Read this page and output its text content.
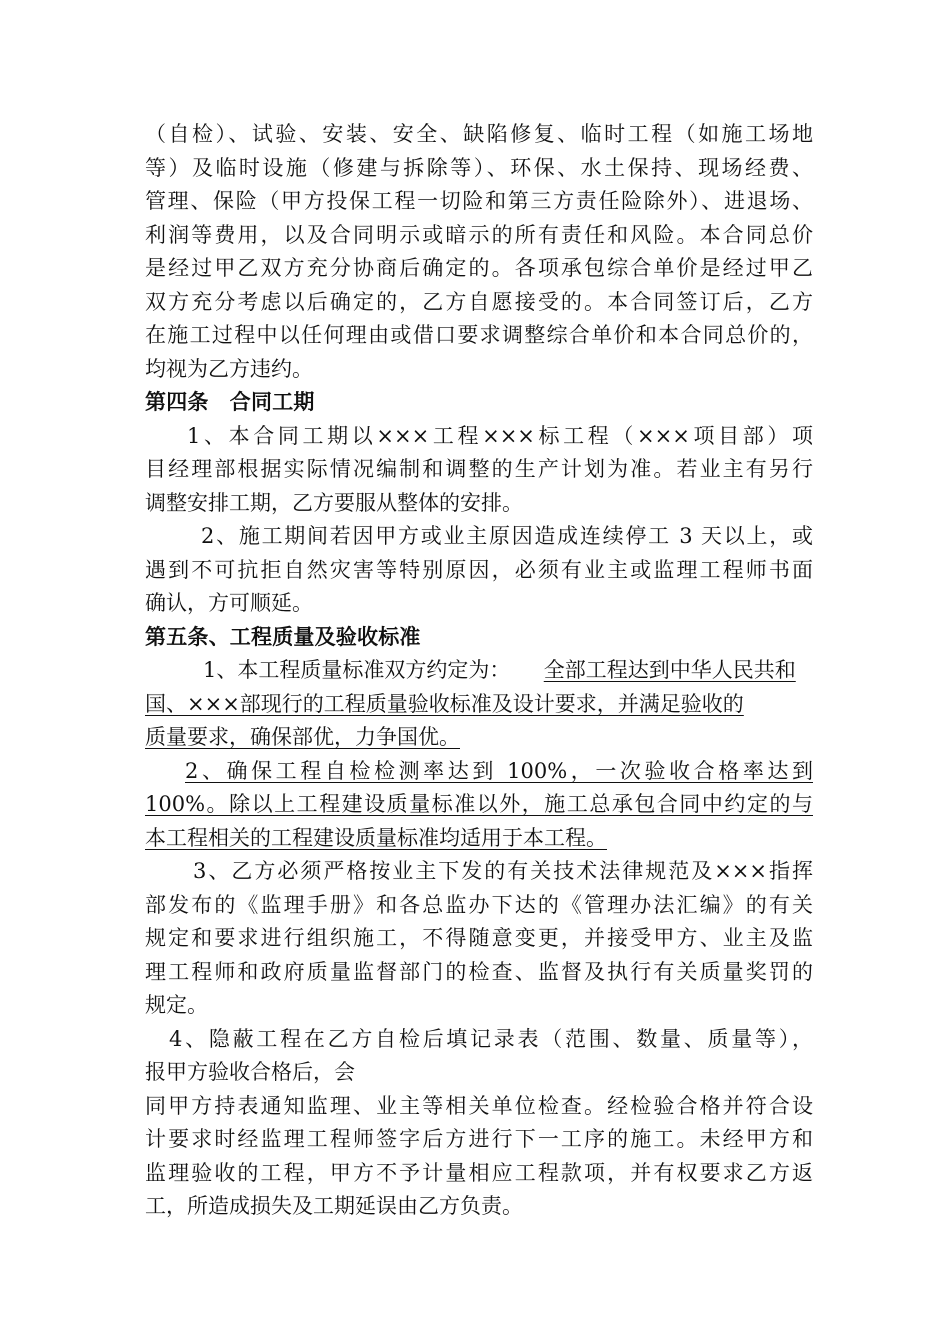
（自检）、试验、安装、安全、缺陷修复、临时工程（如施工场地
等）及临时设施（修建与拆除等）、环保、水土保持、现场经费、
管理、保险（甲方投保工程一切险和第三方责任险除外）、进退场、
利润等费用，以及合同明示或暗示的所有责任和风险。本合同总价
是经过甲乙双方充分协商后确定的。各项承包综合单价是经过甲乙
双方充分考虑以后确定的，乙方自愿接受的。本合同签订后，乙方
在施工过程中以任何理由或借口要求调整综合单价和本合同总价的，
均视为乙方违约。
第四条　合同工期
1、本合同工期以×××工程×××标工程（×××项目部）项
目经理部根据实际情况编制和调整的生产计划为准。若业主有另行
调整安排工期，乙方要服从整体的安排。
2、施工期间若因甲方或业主原因造成连续停工 3 天以上，或
遇到不可抗拒自然灾害等特别原因，必须有业主或监理工程师书面
确认，方可顺延。
第五条、工程质量及验收标准
1、本工程质量标准双方约定为： 全部工程达到中华人民共和
国、×××部现行的工程质量验收标准及设计要求，并满足验收的
质量要求，确保部优，力争国优。
2、确保工程自检检测率达到 100%，一次验收合格率达到
100%。除以上工程建设质量标准以外，施工总承包合同中约定的与
本工程相关的工程建设质量标准均适用于本工程。
3、乙方必须严格按业主下发的有关技术法律规范及×××指挥
部发布的《监理手册》和各总监办下达的《管理办法汇编》的有关
规定和要求进行组织施工，不得随意变更，并接受甲方、业主及监
理工程师和政府质量监督部门的检查、监督及执行有关质量奖罚的
规定。
4、隐蔽工程在乙方自检后填记录表（范围、数量、质量等），
报甲方验收合格后，会
同甲方持表通知监理、业主等相关单位检查。经检验合格并符合设
计要求时经监理工程师签字后方进行下一工序的施工。未经甲方和
监理验收的工程，甲方不予计量相应工程款项，并有权要求乙方返
工，所造成损失及工期延误由乙方负责。
